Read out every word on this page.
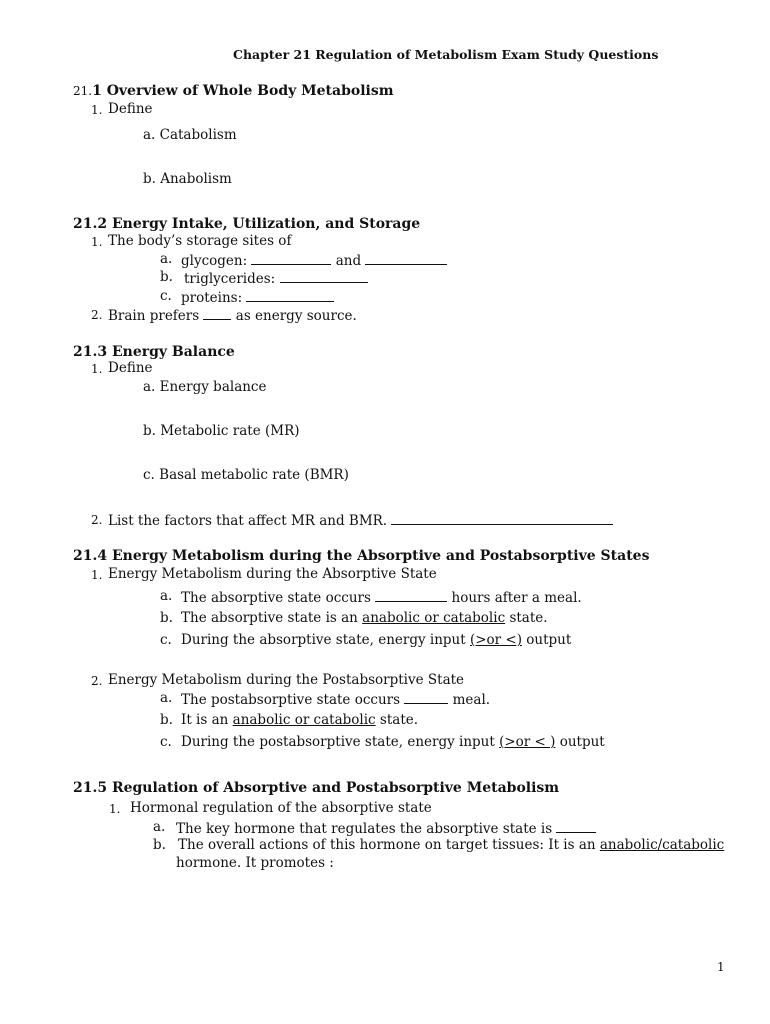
Chapter 21 Regulation of Metabolism Exam Study Questions
21.1 Overview of Whole Body Metabolism
1. Define
a. Catabolism
b. Anabolism
21.2 Energy Intake, Utilization, and Storage
1. The body’s storage sites of
a. glycogen:	and
b. triglycerides:
c. proteins:
2. Brain prefers	as energy source.
21.3 Energy Balance
1. Define
a. Energy balance
b. Metabolic rate (MR)
c. Basal metabolic rate (BMR)
2. List the factors that affect MR and BMR.
21.4 Energy Metabolism during the Absorptive and Postabsorptive States
1. Energy Metabolism during the Absorptive State
a. The absorptive state occurs	hours after a meal.
b. The absorptive state is an anabolic or catabolic state.
c. During the absorptive state, energy input (>or <) output
2. Energy Metabolism during the Postabsorptive State
a. The postabsorptive state occurs	meal.
b. It is an anabolic or catabolic state.
c. During the postabsorptive state, energy input (>or < ) output
21.5 Regulation of Absorptive and Postabsorptive Metabolism
1. Hormonal regulation of the absorptive state
a. The key hormone that regulates the absorptive state is
b. The overall actions of this hormone on target tissues: It is an anabolic/catabolic
hormone. It promotes :
1
